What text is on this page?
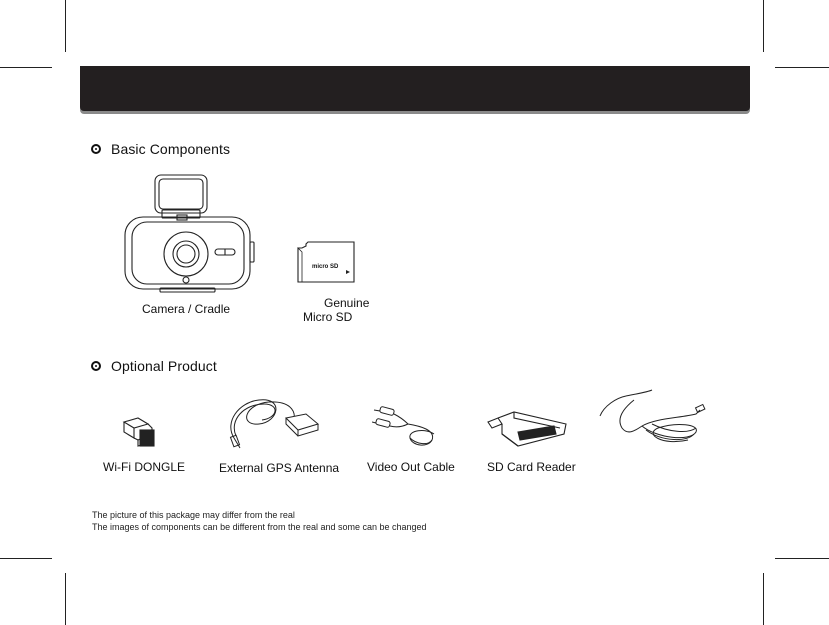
Basic Components
Camera / Cradle
micro SD
Genuine
Micro SD
Optional Product
Wi-Fi DONGLE	External GPS Antenna Video Out Cable	SD Card Reader
The picture of this package may differ from the real
The images of components can be different from the real and some can be changed
